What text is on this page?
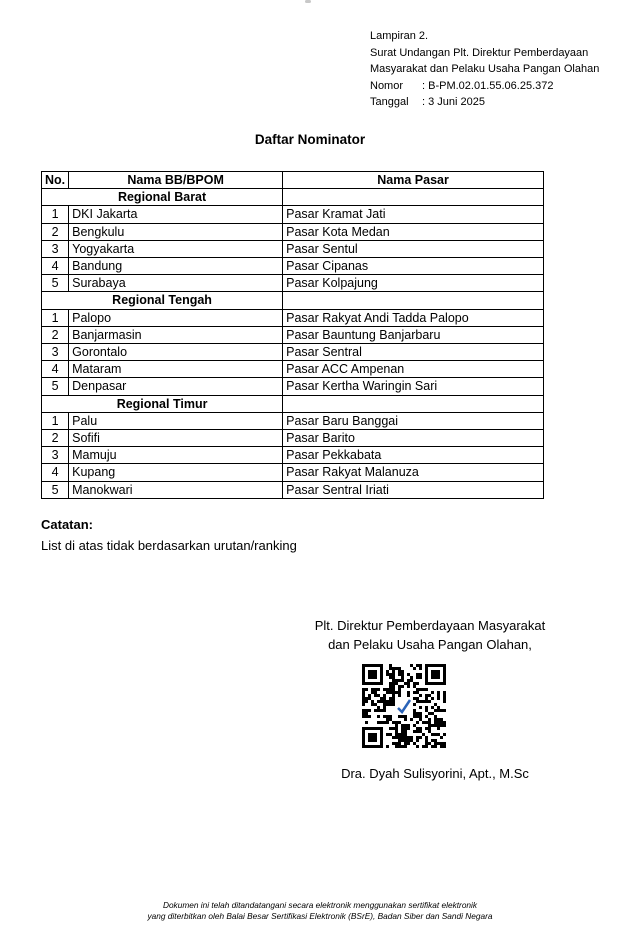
Lampiran 2.
Surat Undangan Plt. Direktur Pemberdayaan
Masyarakat dan Pelaku Usaha Pangan Olahan
Nomor : B-PM.02.01.55.06.25.372
Tanggal : 3 Juni 2025
Daftar Nominator
No.	Nama BB/BPOM	Nama Pasar
Regional Barat		
1	DKI Jakarta	Pasar Kramat Jati
2	Bengkulu	Pasar Kota Medan
3	Yogyakarta	Pasar Sentul
4	Bandung	Pasar Cipanas
5	Surabaya	Pasar Kolpajung
Regional Tengah		
1	Palopo	Pasar Rakyat Andi Tadda Palopo
2	Banjarmasin	Pasar Bauntung Banjarbaru
3	Gorontalo	Pasar Sentral
4	Mataram	Pasar ACC Ampenan
5	Denpasar	Pasar Kertha Waringin Sari
Regional Timur		
1	Palu	Pasar Baru Banggai
2	Sofifi	Pasar Barito
3	Mamuju	Pasar Pekkabata
4	Kupang	Pasar Rakyat Malanuza
5	Manokwari	Pasar Sentral Iriati
Catatan:
List di atas tidak berdasarkan urutan/ranking
Plt. Direktur Pemberdayaan Masyarakat
dan Pelaku Usaha Pangan Olahan,
Dra. Dyah Sulisyorini, Apt., M.Sc
Dokumen ini telah ditandatangani secara elektronik menggunakan sertifikat elektronik
yang diterbitkan oleh Balai Besar Sertifikasi Elektronik (BSrE), Badan Siber dan Sandi Negara
